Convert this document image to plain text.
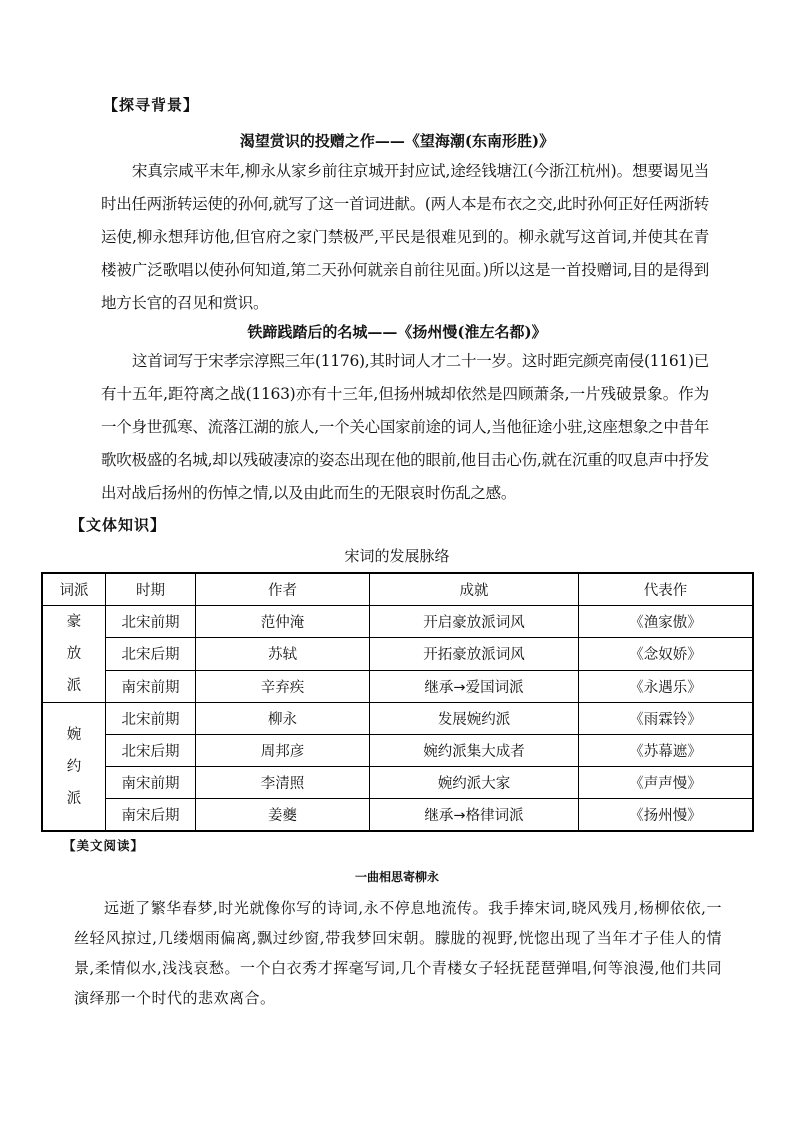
【探寻背景】
渴望赏识的投赠之作——《望海潮(东南形胜)》
宋真宗咸平末年,柳永从家乡前往京城开封应试,途经钱塘江(今浙江杭州)。想要谒见当时出任两浙转运使的孙何,就写了这一首词进献。(两人本是布衣之交,此时孙何正好任两浙转运使,柳永想拜访他,但官府之家门禁极严,平民是很难见到的。柳永就写这首词,并使其在青楼被广泛歌唱以使孙何知道,第二天孙何就亲自前往见面。)所以这是一首投赠词,目的是得到地方长官的召见和赏识。
铁蹄践踏后的名城——《扬州慢(淮左名都)》
这首词写于宋孝宗淳熙三年(1176),其时词人才二十一岁。这时距完颜亮南侵(1161)已有十五年,距符离之战(1163)亦有十三年,但扬州城却依然是四顾萧条,一片残破景象。作为一个身世孤寒、流落江湖的旅人,一个关心国家前途的词人,当他征途小驻,这座想象之中昔年歌吹极盛的名城,却以残破凄凉的姿态出现在他的眼前,他目击心伤,就在沉重的叹息声中抒发出对战后扬州的伤悼之情,以及由此而生的无限哀时伤乱之感。
【文体知识】
宋词的发展脉络
词派	时期	作者	成就	代表作

豪
放
派	北宋前期	范仲淹	开启豪放派词风	《渔家傲》
	北宋后期	苏轼	开拓豪放派词风	《念奴娇》
	南宋前期	辛弃疾	继承→爱国词派	《永遇乐》

婉
约
派	北宋前期	柳永	发展婉约派	《雨霖铃》
	北宋后期	周邦彦	婉约派集大成者	《苏幕遮》
	南宋前期	李清照	婉约派大家	《声声慢》
	南宋后期	姜夔	继承→格律词派	《扬州慢》
【美文阅读】
一曲相思寄柳永
远逝了繁华春梦,时光就像你写的诗词,永不停息地流传。我手捧宋词,晓风残月,杨柳依依,一丝轻风掠过,几缕烟雨偏离,飘过纱窗,带我梦回宋朝。朦胧的视野,恍惚出现了当年才子佳人的情景,柔情似水,浅浅哀愁。一个白衣秀才挥毫写词,几个青楼女子轻抚琵琶弹唱,何等浪漫,他们共同演绎那一个时代的悲欢离合。
